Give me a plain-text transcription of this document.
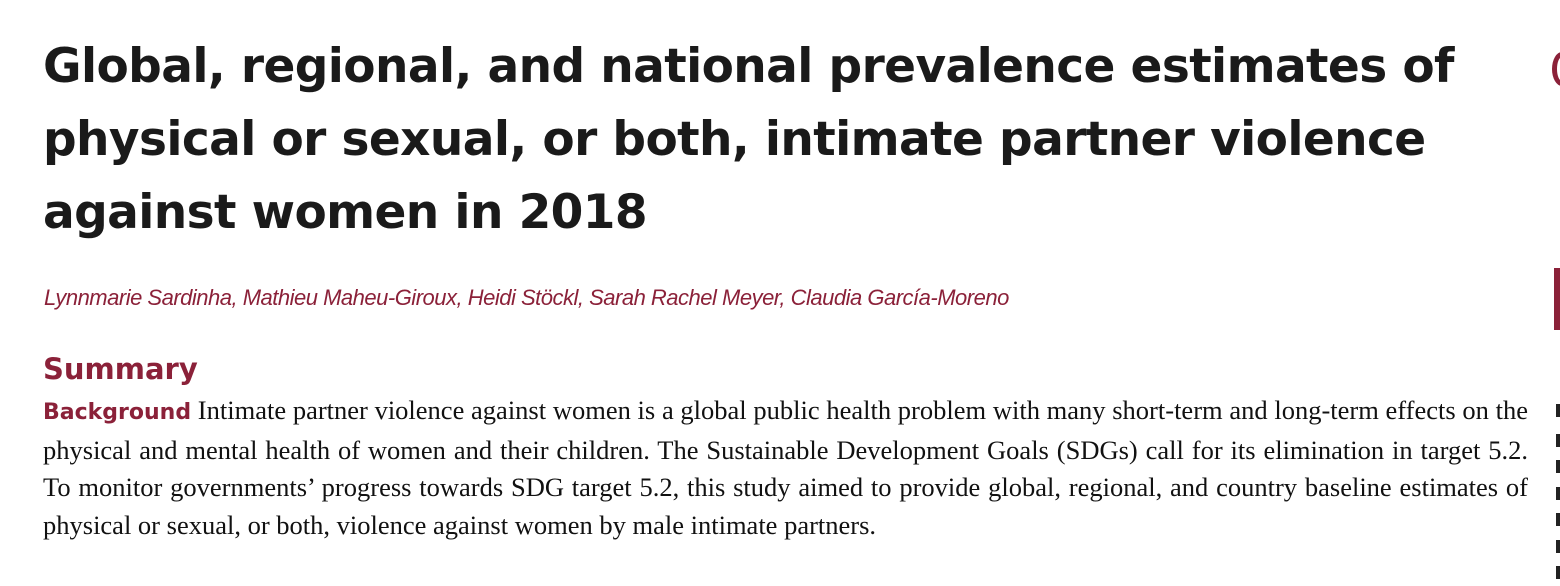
Global, regional, and national prevalence estimates of physical or sexual, or both, intimate partner violence against women in 2018
Lynnmarie Sardinha, Mathieu Maheu-Giroux, Heidi Stöckl, Sarah Rachel Meyer, Claudia García-Moreno
Summary

Background Intimate partner violence against women is a global public health problem with many short-term and long-term effects on the physical and mental health of women and their children. The Sustainable Development Goals (SDGs) call for its elimination in target 5.2. To monitor governments’ progress towards SDG target 5.2, this study aimed to provide global, regional, and country baseline estimates of physical or sexual, or both, violence against women by male intimate partners.
